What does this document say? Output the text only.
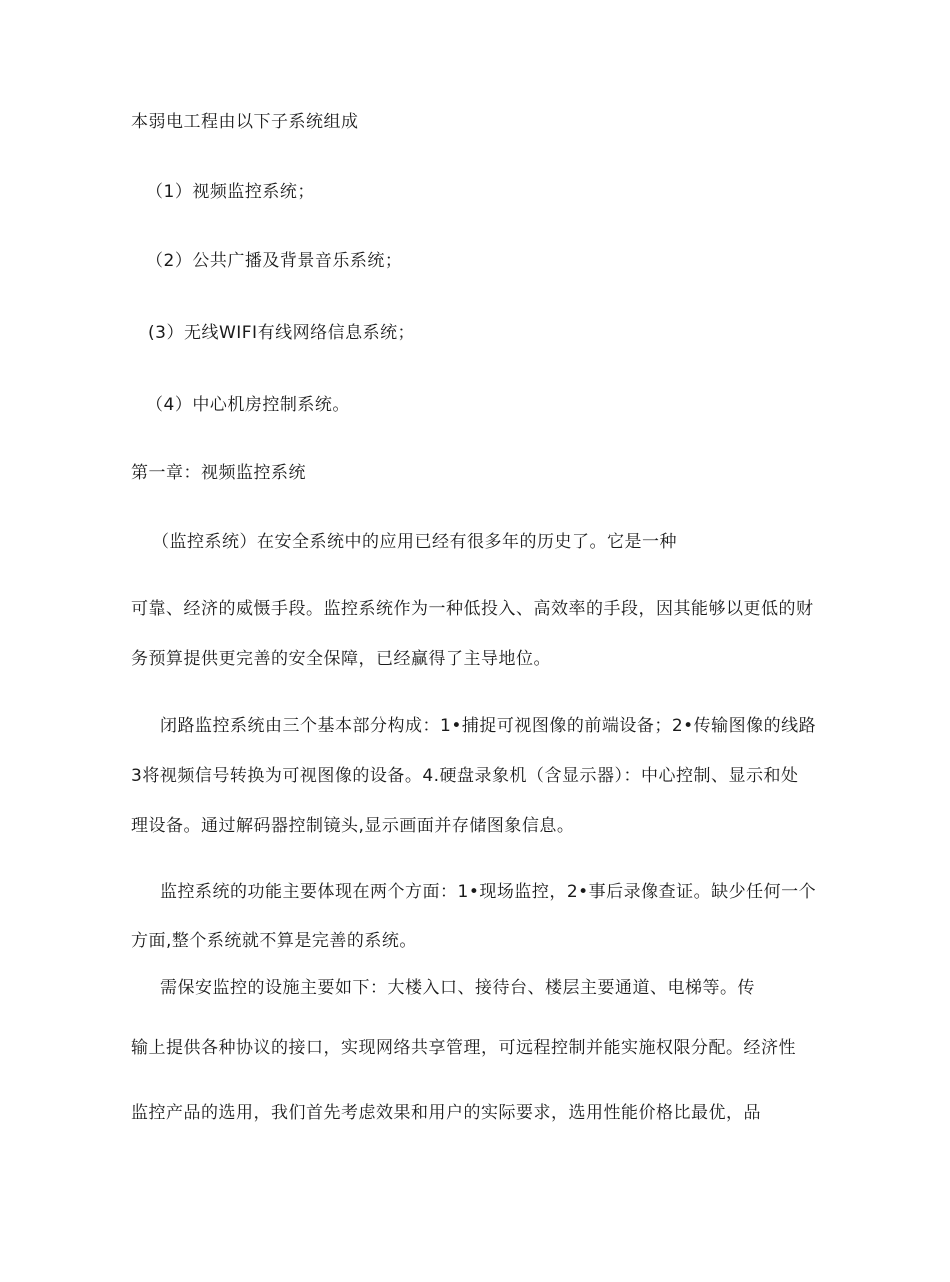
本弱电工程由以下子系统组成
（1）视频监控系统；
（2）公共广播及背景音乐系统；
(3）无线WIFI有线网络信息系统；
（4）中心机房控制系统。
第一章：视频监控系统
（监控系统）在安全系统中的应用已经有很多年的历史了。它是一种
可靠、经济的威慑手段。监控系统作为一种低投入、高效率的手段，因其能够以更低的财
务预算提供更完善的安全保障，已经赢得了主导地位。
闭路监控系统由三个基本部分构成：1•捕捉可视图像的前端设备；2•传输图像的线路
3将视频信号转换为可视图像的设备。4.硬盘录象机（含显示器）：中心控制、显示和处
理设备。通过解码器控制镜头,显示画面并存储图象信息。
监控系统的功能主要体现在两个方面：1•现场监控，2•事后录像查证。缺少任何一个
方面,整个系统就不算是完善的系统。
需保安监控的设施主要如下：大楼入口、接待台、楼层主要通道、电梯等。传
输上提供各种协议的接口，实现网络共享管理，可远程控制并能实施权限分配。经济性
监控产品的选用，我们首先考虑效果和用户的实际要求，选用性能价格比最优，品
